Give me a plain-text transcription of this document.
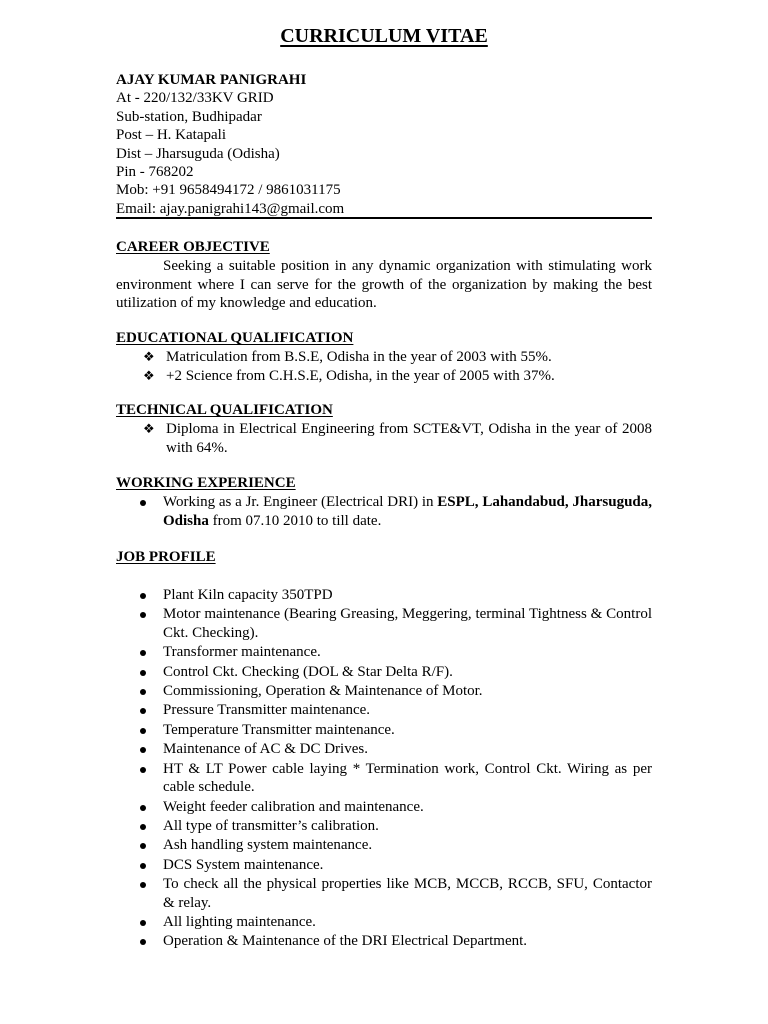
CURRICULUM VITAE
AJAY KUMAR PANIGRAHI
At - 220/132/33KV GRID
Sub-station, Budhipadar
Post – H. Katapali
Dist – Jharsuguda (Odisha)
Pin - 768202
Mob: +91 9658494172 / 9861031175
Email: ajay.panigrahi143@gmail.com
CAREER OBJECTIVE
Seeking a suitable position in any dynamic organization with stimulating work environment where I can serve for the growth of the organization by making the best utilization of my knowledge and education.
EDUCATIONAL QUALIFICATION
❖ Matriculation from B.S.E, Odisha in the year of 2003 with 55%.
❖ +2 Science from C.H.S.E, Odisha, in the year of 2005 with 37%.
TECHNICAL QUALIFICATION
❖ Diploma in Electrical Engineering from SCTE&VT, Odisha in the year of 2008 with 64%.
WORKING EXPERIENCE
Working as a Jr. Engineer (Electrical DRI) in ESPL, Lahandabud, Jharsuguda, Odisha from 07.10 2010 to till date.
JOB PROFILE
Plant Kiln capacity 350TPD
Motor maintenance (Bearing Greasing, Meggering, terminal Tightness & Control Ckt. Checking).
Transformer maintenance.
Control Ckt. Checking (DOL & Star Delta R/F).
Commissioning, Operation & Maintenance of Motor.
Pressure Transmitter maintenance.
Temperature Transmitter maintenance.
Maintenance of AC & DC Drives.
HT & LT Power cable laying * Termination work, Control Ckt. Wiring as per cable schedule.
Weight feeder calibration and maintenance.
All type of transmitter’s calibration.
Ash handling system maintenance.
DCS System maintenance.
To check all the physical properties like MCB, MCCB, RCCB, SFU, Contactor & relay.
All lighting maintenance.
Operation & Maintenance of the DRI Electrical Department.
